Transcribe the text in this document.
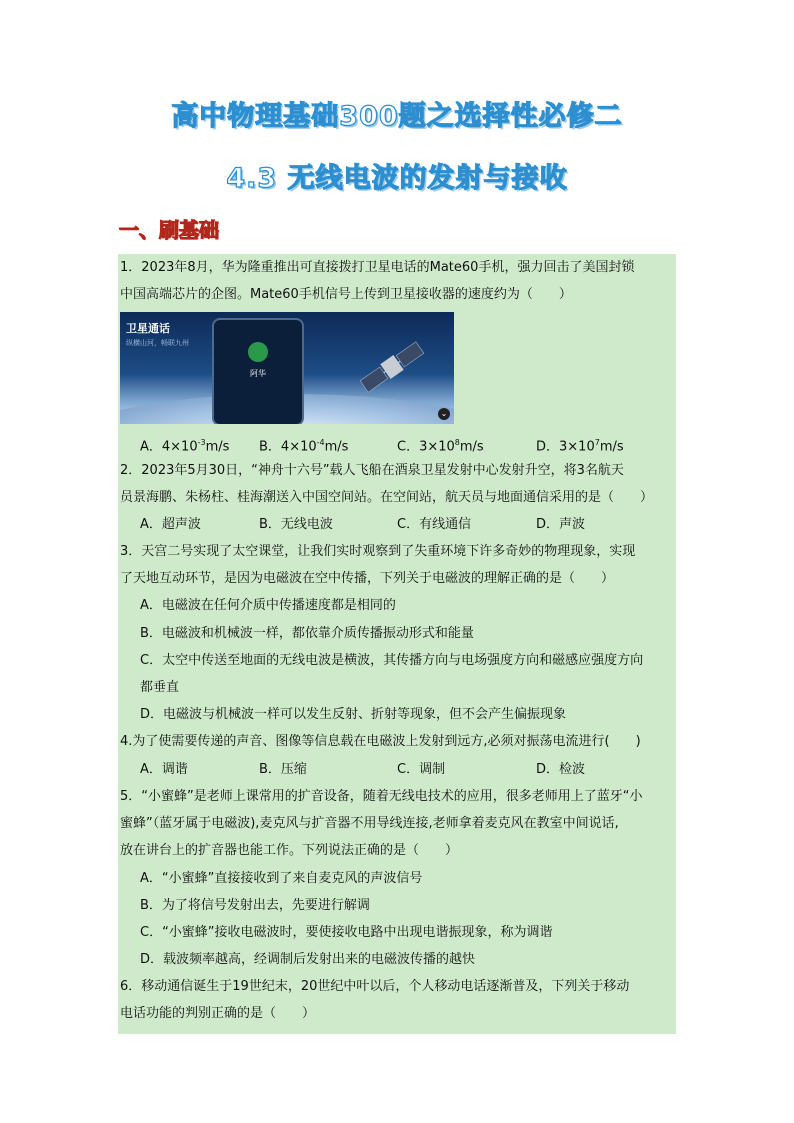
高中物理基础300题之选择性必修二
4.3 无线电波的发射与接收
一、刷基础
1．2023年8月，华为隆重推出可直接拨打卫星电话的Mate60手机，强力回击了美国封锁
中国高端芯片的企图。Mate60手机信号上传到卫星接收器的速度约为（　　）
卫星通话
纵横山河，畅联九州
阿华
⌄
A．$4\times 10^{-3}m/s$ B．$4\times 10^{-4}m/s$	C．$3\times 10^8m/s$	D．$3\times 10^7m/s$
2．2023年5月30日，“神舟十六号”载人飞船在酒泉卫星发射中心发射升空，将3名航天
员景海鹏、朱杨柱、桂海潮送入中国空间站。在空间站，航天员与地面通信采用的是（　　）
A．超声波	B．无线电波	C．有线通信	D．声波
3．天宫二号实现了太空课堂，让我们实时观察到了失重环境下许多奇妙的物理现象，实现
了天地互动环节，是因为电磁波在空中传播，下列关于电磁波的理解正确的是（　　）
A．电磁波在任何介质中传播速度都是相同的
B．电磁波和机械波一样，都依靠介质传播振动形式和能量
C．太空中传送至地面的无线电波是横波，其传播方向与电场强度方向和磁感应强度方向
都垂直
D．电磁波与机械波一样可以发生反射、折射等现象，但不会产生偏振现象
4.为了使需要传递的声音、图像等信息载在电磁波上发射到远方,必须对振荡电流进行(　　)
A．调谐	B．压缩	C．调制	D．检波
5．“小蜜蜂”是老师上课常用的扩音设备，随着无线电技术的应用，很多老师用上了蓝牙“小
蜜蜂”（蓝牙属于电磁波),麦克风与扩音器不用导线连接,老师拿着麦克风在教室中间说话,
放在讲台上的扩音器也能工作。下列说法正确的是（　　）
A．“小蜜蜂”直接接收到了来自麦克风的声波信号
B．为了将信号发射出去，先要进行解调
C．“小蜜蜂”接收电磁波时，要使接收电路中出现电谐振现象，称为调谐
D．载波频率越高，经调制后发射出来的电磁波传播的越快
6．移动通信诞生于19世纪末，20世纪中叶以后，个人移动电话逐渐普及，下列关于移动
电话功能的判别正确的是（　　）
